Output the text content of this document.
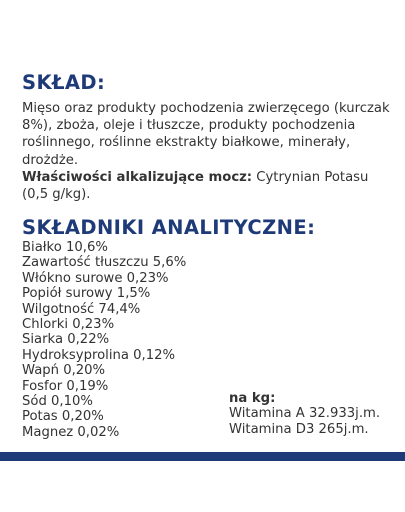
SKŁAD:

Mięso oraz produkty pochodzenia zwierzęcego (kurczak 8%), zboża, oleje i tłuszcze, produkty pochodzenia roślinnego, roślinne ekstrakty białkowe, minerały, drożdże.
Właściwości alkalizujące mocz: Cytrynian Potasu (0,5 g/kg).

SKŁADNIKI ANALITYCZNE:
Białko 10,6%
Zawartość tłuszczu 5,6%
Włókno surowe 0,23%
Popiół surowy 1,5%
Wilgotność 74,4%
Chlorki 0,23%
Siarka 0,22%
Hydroksyprolina 0,12%
Wapń 0,20%
Fosfor 0,19%
Sód 0,10%
Potas 0,20%
Magnez 0,02%
na kg:
Witamina A 32.933j.m.
Witamina D3 265j.m.
